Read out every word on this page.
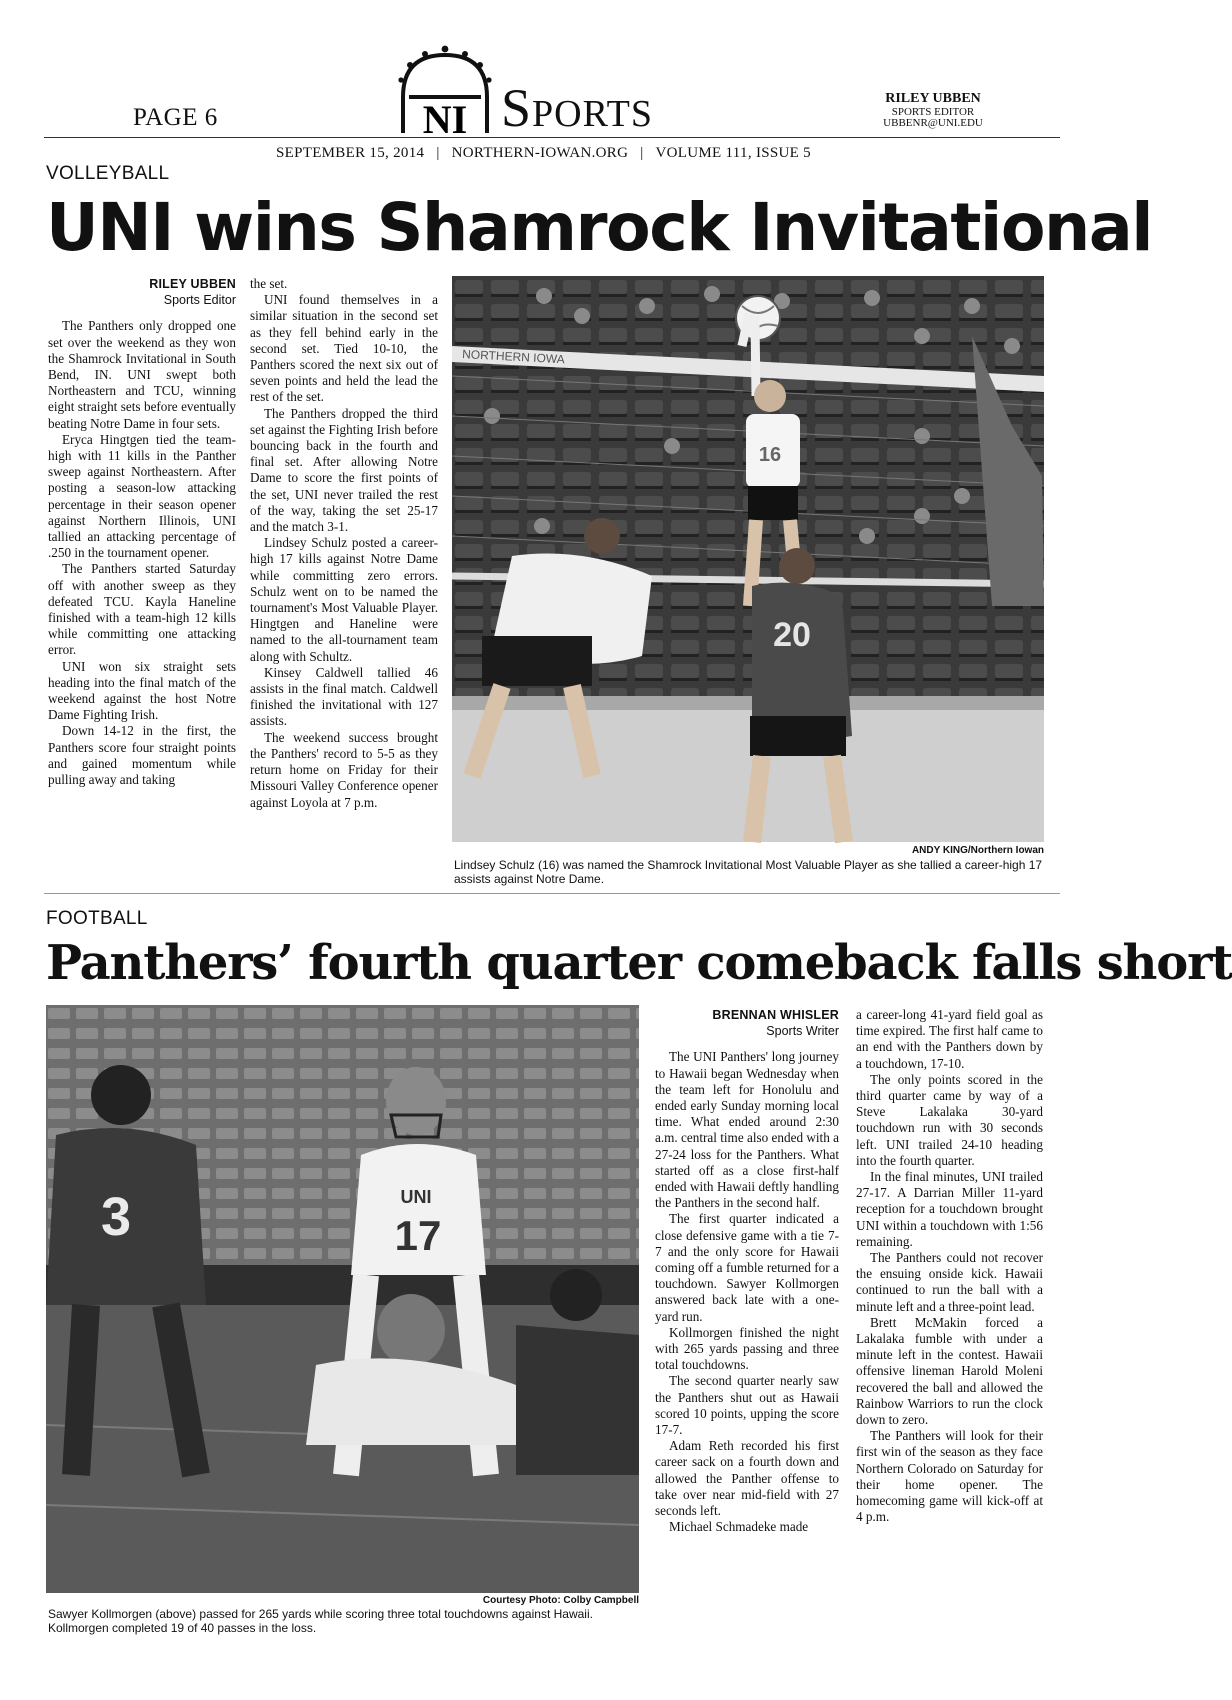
PAGE 6	NI Sports	RILEY UBBEN
SPORTS EDITOR
UBBENR@UNI.EDU
SEPTEMBER 15, 2014 | NORTHERN-IOWAN.ORG | VOLUME 111, ISSUE 5
VOLLEYBALL
UNI wins Shamrock Invitational
RILEY UBBEN
Sports Editor

The Panthers only dropped one set over the weekend as they won the Shamrock Invitational in South Bend, IN. UNI swept both Northeastern and TCU, winning eight straight sets before eventually beating Notre Dame in four sets.

Eryca Hingtgen tied the team-high with 11 kills in the Panther sweep against Northeastern. After posting a season-low attacking percentage in their season opener against Northern Illinois, UNI tallied an attacking percentage of .250 in the tournament opener.

The Panthers started Saturday off with another sweep as they defeated TCU. Kayla Haneline finished with a team-high 12 kills while committing one attacking error.

UNI won six straight sets heading into the final match of the weekend against the host Notre Dame Fighting Irish.

Down 14-12 in the first, the Panthers score four straight points and gained momentum while pulling away and taking

the set.

UNI found themselves in a similar situation in the second set as they fell behind early in the second set. Tied 10-10, the Panthers scored the next six out of seven points and held the lead the rest of the set.

The Panthers dropped the third set against the Fighting Irish before bouncing back in the fourth and final set. After allowing Notre Dame to score the first points of the set, UNI never trailed the rest of the way, taking the set 25-17 and the match 3-1.

Lindsey Schulz posted a career-high 17 kills against Notre Dame while committing zero errors. Schulz went on to be named the tournament's Most Valuable Player. Hingtgen and Haneline were named to the all-tournament team along with Schultz.

Kinsey Caldwell tallied 46 assists in the final match. Caldwell finished the invitational with 127 assists.

The weekend success brought the Panthers' record to 5-5 as they return home on Friday for their Missouri Valley Conference opener against Loyola at 7 p.m.

NORTHERN IOWA
16
20
ANDY KING/Northern Iowan
Lindsey Schulz (16) was named the Shamrock Invitational Most Valuable Player as she tallied a career-high 17 assists against Notre Dame.
FOOTBALL
Panthers’ fourth quarter comeback falls short
UNI
17
3
Courtesy Photo: Colby Campbell
Sawyer Kollmorgen (above) passed for 265 yards while scoring three total touchdowns against Hawaii. Kollmorgen completed 19 of 40 passes in the loss.
BRENNAN WHISLER
Sports Writer

The UNI Panthers' long journey to Hawaii began Wednesday when the team left for Honolulu and ended early Sunday morning local time. What ended around 2:30 a.m. central time also ended with a 27-24 loss for the Panthers. What started off as a close first-half ended with Hawaii deftly handling the Panthers in the second half.

The first quarter indicated a close defensive game with a tie 7-7 and the only score for Hawaii coming off a fumble returned for a touchdown. Sawyer Kollmorgen answered back late with a one-yard run.

Kollmorgen finished the night with 265 yards passing and three total touchdowns.

The second quarter nearly saw the Panthers shut out as Hawaii scored 10 points, upping the score 17-7.

Adam Reth recorded his first career sack on a fourth down and allowed the Panther offense to take over near mid-field with 27 seconds left.

Michael Schmadeke made

a career-long 41-yard field goal as time expired. The first half came to an end with the Panthers down by a touchdown, 17-10.

The only points scored in the third quarter came by way of a Steve Lakalaka 30-yard touchdown run with 30 seconds left. UNI trailed 24-10 heading into the fourth quarter.

In the final minutes, UNI trailed 27-17. A Darrian Miller 11-yard reception for a touchdown brought UNI within a touchdown with 1:56 remaining.

The Panthers could not recover the ensuing onside kick. Hawaii continued to run the ball with a minute left and a three-point lead.

Brett McMakin forced a Lakalaka fumble with under a minute left in the contest. Hawaii offensive lineman Harold Moleni recovered the ball and allowed the Rainbow Warriors to run the clock down to zero.

The Panthers will look for their first win of the season as they face Northern Colorado on Saturday for their home opener. The homecoming game will kick-off at 4 p.m.
